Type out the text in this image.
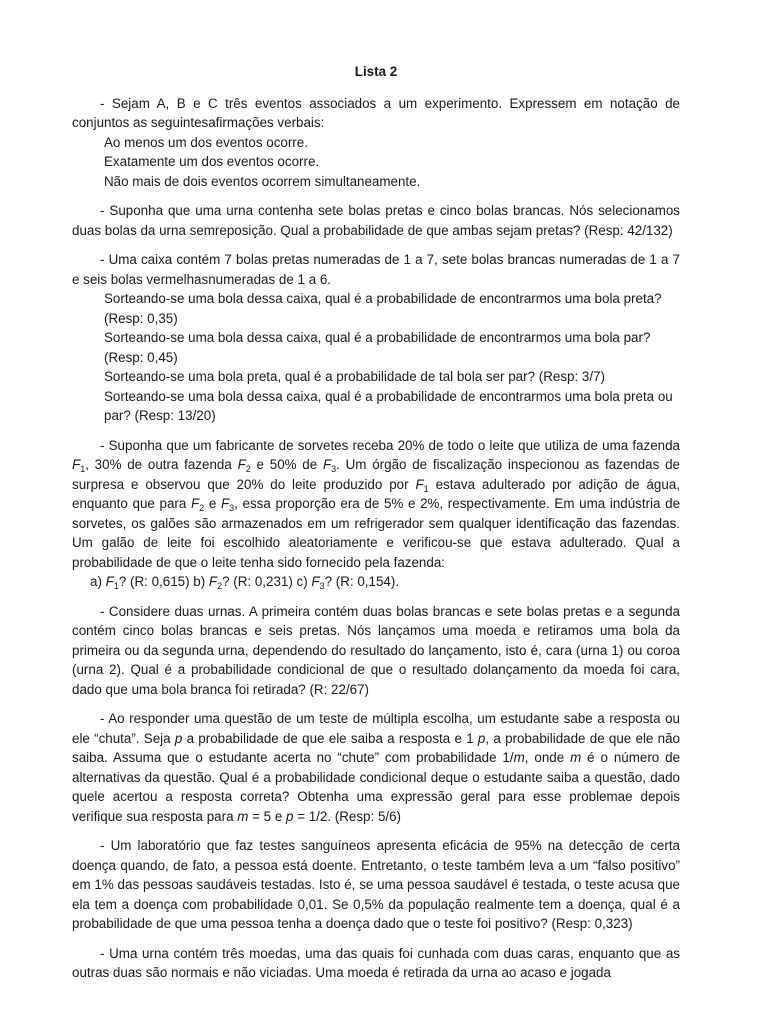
Lista 2

- Sejam A, B e C três eventos associados a um experimento. Expressem em notação de conjuntos as seguintesafirmações verbais:

Ao menos um dos eventos ocorre.

Exatamente um dos eventos ocorre.

Não mais de dois eventos ocorrem simultaneamente.

- Suponha que uma urna contenha sete bolas pretas e cinco bolas brancas. Nós selecionamos duas bolas da urna semreposição. Qual a probabilidade de que ambas sejam pretas? (Resp: 42/132)

- Uma caixa contém 7 bolas pretas numeradas de 1 a 7, sete bolas brancas numeradas de 1 a 7 e seis bolas vermelhasnumeradas de 1 a 6.

Sorteando-se uma bola dessa caixa, qual é a probabilidade de encontrarmos uma bola preta? (Resp: 0,35)

Sorteando-se uma bola dessa caixa, qual é a probabilidade de encontrarmos uma bola par? (Resp: 0,45)

Sorteando-se uma bola preta, qual é a probabilidade de tal bola ser par? (Resp: 3/7)

Sorteando-se uma bola dessa caixa, qual é a probabilidade de encontrarmos uma bola preta ou par? (Resp: 13/20)

- Suponha que um fabricante de sorvetes receba 20% de todo o leite que utiliza de uma fazenda $F_1$, 30% de outra fazenda $F_2$ e 50% de $F_3$. Um órgão de fiscalização inspecionou as fazendas de surpresa e observou que 20% do leite produzido por $F_1$ estava adulterado por adição de água, enquanto que para $F_2$ e $F_3$, essa proporção era de 5% e 2%, respectivamente. Em uma indústria de sorvetes, os galões são armazenados em um refrigerador sem qualquer identificação das fazendas. Um galão de leite foi escolhido aleatoriamente e verificou-se que estava adulterado. Qual a probabilidade de que o leite tenha sido fornecido pela fazenda:

a) $F_1$? (R: 0,615) b) $F_2$? (R: 0,231) c) $F_3$? (R: 0,154).

- Considere duas urnas. A primeira contém duas bolas brancas e sete bolas pretas e a segunda contém cinco bolas brancas e seis pretas. Nós lançamos uma moeda e retiramos uma bola da primeira ou da segunda urna, dependendo do resultado do lançamento, isto é, cara (urna 1) ou coroa (urna 2). Qual é a probabilidade condicional de que o resultado dolançamento da moeda foi cara, dado que uma bola branca foi retirada? (R: 22/67)

- Ao responder uma questão de um teste de múltipla escolha, um estudante sabe a resposta ou ele “chuta”. Seja p a probabilidade de que ele saiba a resposta e 1 p, a probabilidade de que ele não saiba. Assuma que o estudante acerta no “chute” com probabilidade 1/m, onde m é o número de alternativas da questão. Qual é a probabilidade condicional deque o estudante saiba a questão, dado quele acertou a resposta correta? Obtenha uma expressão geral para esse problemae depois verifique sua resposta para m = 5 e p = 1/2. (Resp: 5/6)

- Um laboratório que faz testes sanguíneos apresenta eficácia de 95% na detecção de certa doença quando, de fato, a pessoa está doente. Entretanto, o teste também leva a um “falso positivo” em 1% das pessoas saudáveis testadas. Isto é, se uma pessoa saudável é testada, o teste acusa que ela tem a doença com probabilidade 0,01. Se 0,5% da população realmente tem a doença, qual é a probabilidade de que uma pessoa tenha a doença dado que o teste foi positivo? (Resp: 0,323)

- Uma urna contém três moedas, uma das quais foi cunhada com duas caras, enquanto que as outras duas são normais e não viciadas. Uma moeda é retirada da urna ao acaso e jogada
